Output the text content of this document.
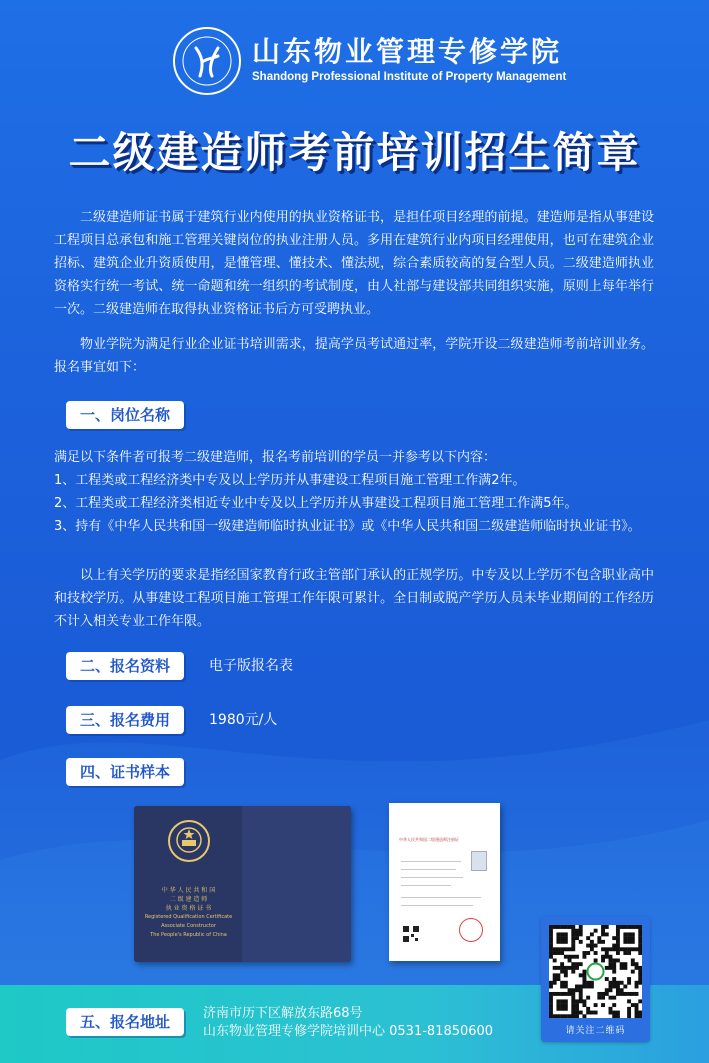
山东物业管理专修学院
Shandong Professional Institute of Property Management
二级建造师考前培训招生简章
二级建造师证书属于建筑行业内使用的执业资格证书，是担任项目经理的前提。建造师是指从事建设工程项目总承包和施工管理关键岗位的执业注册人员。多用在建筑行业内项目经理使用，也可在建筑企业招标、建筑企业升资质使用，是懂管理、懂技术、懂法规，综合素质较高的复合型人员。二级建造师执业资格实行统一考试、统一命题和统一组织的考试制度，由人社部与建设部共同组织实施，原则上每年举行一次。二级建造师在取得执业资格证书后方可受聘执业。
物业学院为满足行业企业证书培训需求，提高学员考试通过率，学院开设二级建造师考前培训业务。报名事宜如下：
一、岗位名称
满足以下条件者可报考二级建造师，报名考前培训的学员一并参考以下内容：
1、工程类或工程经济类中专及以上学历并从事建设工程项目施工管理工作满2年。
2、工程类或工程经济类相近专业中专及以上学历并从事建设工程项目施工管理工作满5年。
3、持有《中华人民共和国一级建造师临时执业证书》或《中华人民共和国二级建造师临时执业证书》。
以上有关学历的要求是指经国家教育行政主管部门承认的正规学历。中专及以上学历不包含职业高中和技校学历。从事建设工程项目施工管理工作年限可累计。全日制或脱产学历人员未毕业期间的工作经历不计入相关专业工作年限。
二、报名资料	电子版报名表
三、报名费用	1980元/人
四、证书样本
中 华 人 民 共 和 国
二 级 建 造 师
执 业 资 格 证 书
Registered Qualification Certificate
Associate Constructor
The People's Republic of China
中华人民共和国二级建造师注册证
五、报名地址	济南市历下区解放东路68号
山东物业管理专修学院培训中心 0531-81850600	请关注二维码
